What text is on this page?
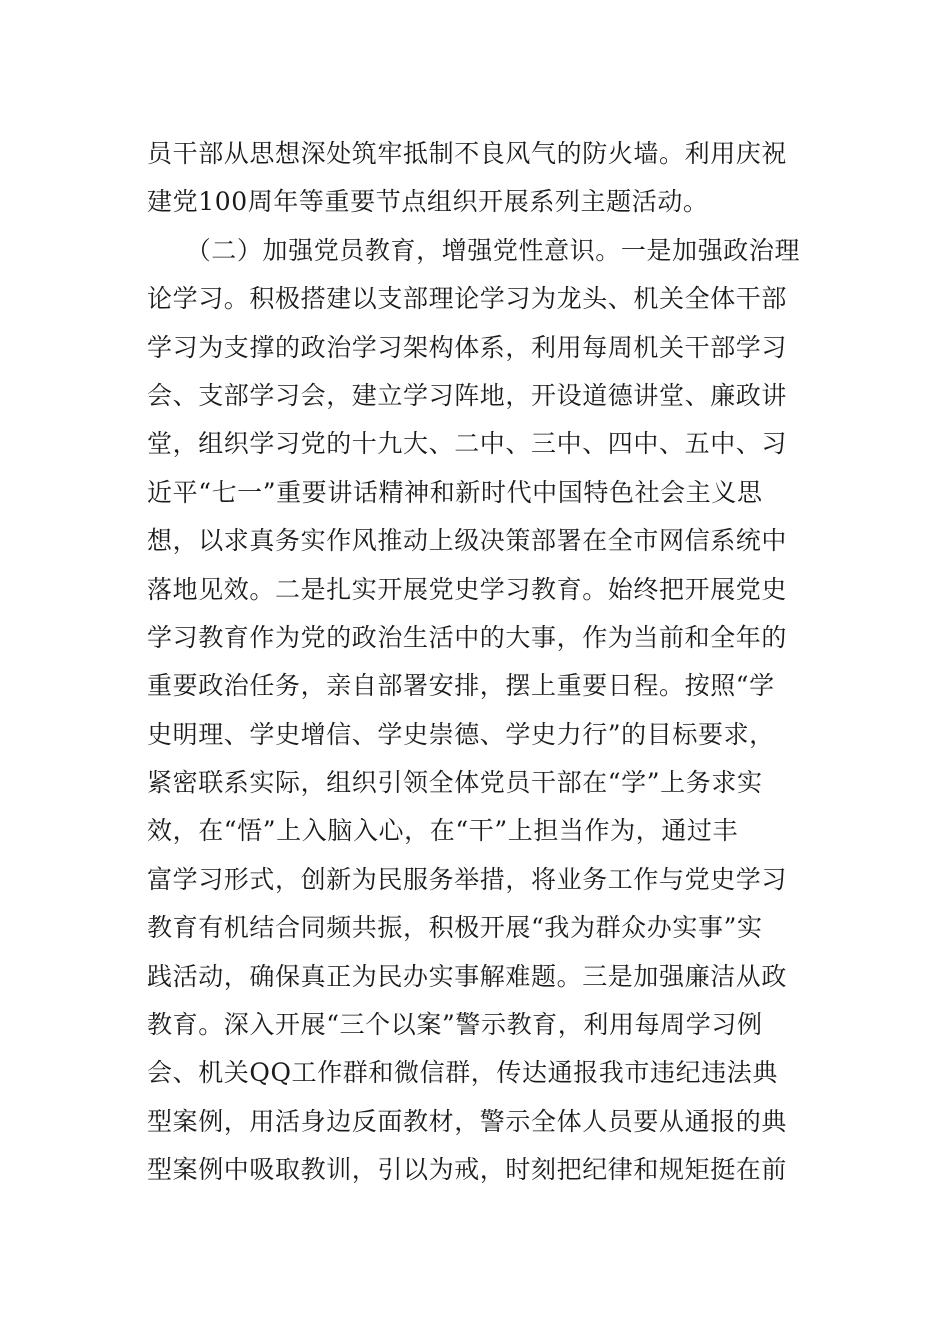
员干部从思想深处筑牢抵制不良风气的防火墙。利用庆祝
建党100周年等重要节点组织开展系列主题活动。
　　（二）加强党员教育，增强党性意识。一是加强政治理
论学习。积极搭建以支部理论学习为龙头、机关全体干部
学习为支撑的政治学习架构体系，利用每周机关干部学习
会、支部学习会，建立学习阵地，开设道德讲堂、廉政讲
堂，组织学习党的十九大、二中、三中、四中、五中、习
近平“七一”重要讲话精神和新时代中国特色社会主义思
想，以求真务实作风推动上级决策部署在全市网信系统中
落地见效。二是扎实开展党史学习教育。始终把开展党史
学习教育作为党的政治生活中的大事，作为当前和全年的
重要政治任务，亲自部署安排，摆上重要日程。按照“学
史明理、学史增信、学史崇德、学史力行”的目标要求，
紧密联系实际，组织引领全体党员干部在“学”上务求实
效，在“悟”上入脑入心，在“干”上担当作为，通过丰
富学习形式，创新为民服务举措，将业务工作与党史学习
教育有机结合同频共振，积极开展“我为群众办实事”实
践活动，确保真正为民办实事解难题。三是加强廉洁从政
教育。深入开展“三个以案”警示教育，利用每周学习例
会、机关QQ工作群和微信群，传达通报我市违纪违法典
型案例，用活身边反面教材，警示全体人员要从通报的典
型案例中吸取教训，引以为戒，时刻把纪律和规矩挺在前
